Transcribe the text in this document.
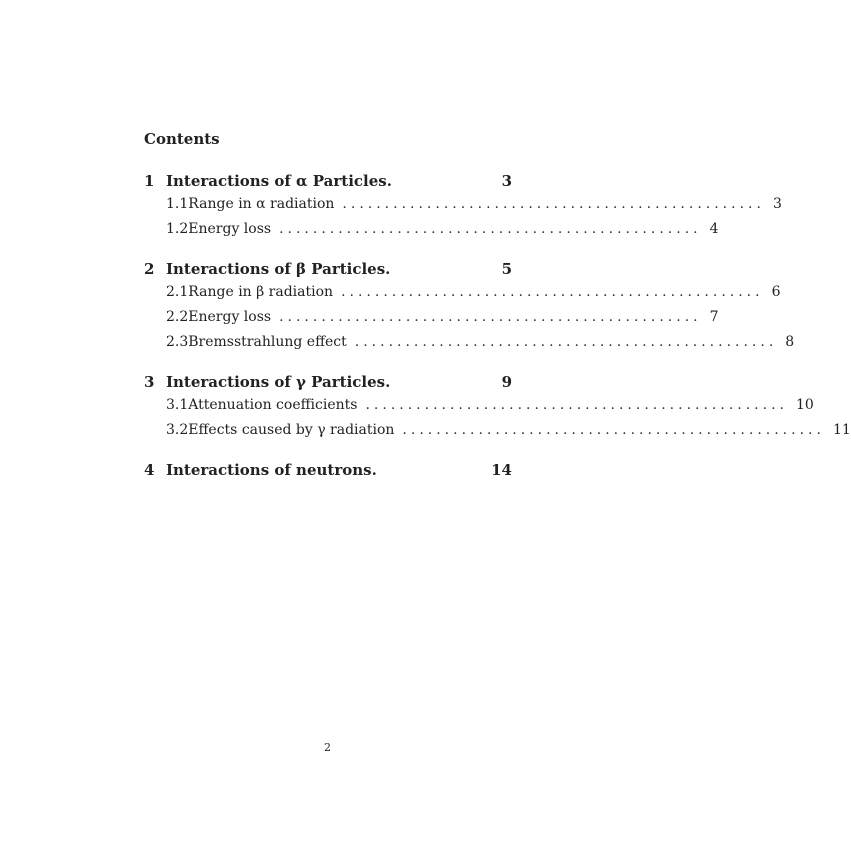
Contents
1 Interactions of α Particles.	3
1.1 Range in α radiation .................................................. 3
1.2 Energy loss .................................................. 4
2 Interactions of β Particles.	5
2.1 Range in β radiation .................................................. 6
2.2 Energy loss .................................................. 7
2.3 Bremsstrahlung effect .................................................. 8
3 Interactions of γ Particles.	9
3.1 Attenuation coefficients .................................................. 10
3.2 Effects caused by γ radiation .................................................. 11
4 Interactions of neutrons.	14
2
